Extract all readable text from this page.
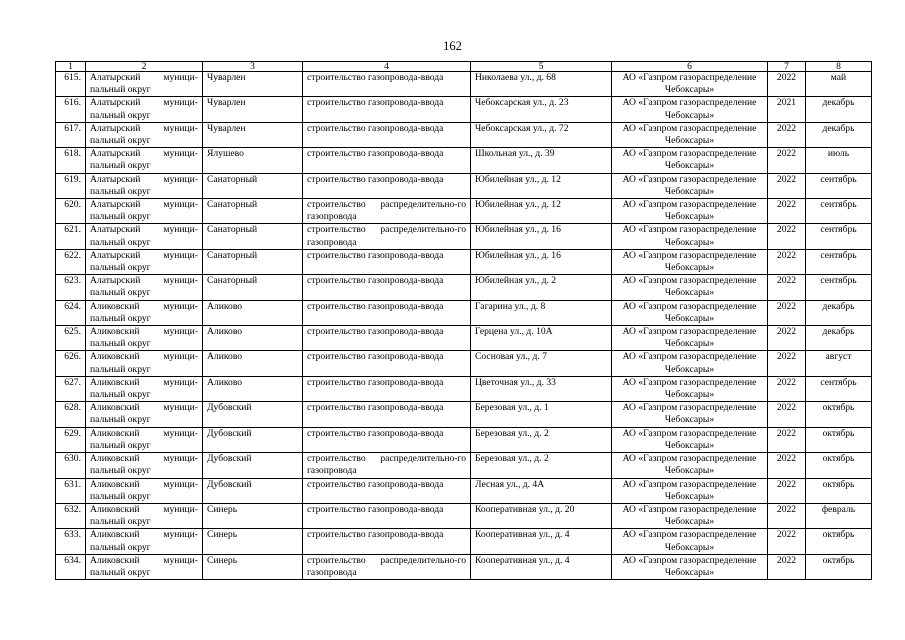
162
1	2	3	4	5	6	7	8
615.	Алатырский муници-пальный округ	Чуварлен	строительство газопровода-ввода	Николаева ул., д. 68	АО «Газпром газораспределение Чебоксары»	2022	май
616.	Алатырский муници-пальный округ	Чуварлен	строительство газопровода-ввода	Чебоксарская ул., д. 23	АО «Газпром газораспределение Чебоксары»	2021	декабрь
617.	Алатырский муници-пальный округ	Чуварлен	строительство газопровода-ввода	Чебоксарская ул., д. 72	АО «Газпром газораспределение Чебоксары»	2022	декабрь
618.	Алатырский муници-пальный округ	Ялушево	строительство газопровода-ввода	Школьная ул., д. 39	АО «Газпром газораспределение Чебоксары»	2022	июль
619.	Алатырский муници-пальный округ	Санаторный	строительство газопровода-ввода	Юбилейная ул., д. 12	АО «Газпром газораспределение Чебоксары»	2022	сентябрь
620.	Алатырский муници-пальный округ	Санаторный	строительство распределительно-го газопровода	Юбилейная ул., д. 12	АО «Газпром газораспределение Чебоксары»	2022	сентябрь
621.	Алатырский муници-пальный округ	Санаторный	строительство распределительно-го газопровода	Юбилейная ул., д. 16	АО «Газпром газораспределение Чебоксары»	2022	сентябрь
622.	Алатырский муници-пальный округ	Санаторный	строительство газопровода-ввода	Юбилейная ул., д. 16	АО «Газпром газораспределение Чебоксары»	2022	сентябрь
623.	Алатырский муници-пальный округ	Санаторный	строительство газопровода-ввода	Юбилейная ул., д. 2	АО «Газпром газораспределение Чебоксары»	2022	сентябрь
624.	Аликовский муници-пальный округ	Аликово	строительство газопровода-ввода	Гагарина ул., д. 8	АО «Газпром газораспределение Чебоксары»	2022	декабрь
625.	Аликовский муници-пальный округ	Аликово	строительство газопровода-ввода	Герцена ул., д. 10А	АО «Газпром газораспределение Чебоксары»	2022	декабрь
626.	Аликовский муници-пальный округ	Аликово	строительство газопровода-ввода	Сосновая ул., д. 7	АО «Газпром газораспределение Чебоксары»	2022	август
627.	Аликовский муници-пальный округ	Аликово	строительство газопровода-ввода	Цветочная ул., д. 33	АО «Газпром газораспределение Чебоксары»	2022	сентябрь
628.	Аликовский муници-пальный округ	Дубовский	строительство газопровода-ввода	Березовая ул., д. 1	АО «Газпром газораспределение Чебоксары»	2022	октябрь
629.	Аликовский муници-пальный округ	Дубовский	строительство газопровода-ввода	Березовая ул., д. 2	АО «Газпром газораспределение Чебоксары»	2022	октябрь
630.	Аликовский муници-пальный округ	Дубовский	строительство распределительно-го газопровода	Березовая ул., д. 2	АО «Газпром газораспределение Чебоксары»	2022	октябрь
631.	Аликовский муници-пальный округ	Дубовский	строительство газопровода-ввода	Лесная ул., д. 4А	АО «Газпром газораспределение Чебоксары»	2022	октябрь
632.	Аликовский муници-пальный округ	Синерь	строительство газопровода-ввода	Кооперативная ул., д. 20	АО «Газпром газораспределение Чебоксары»	2022	февраль
633.	Аликовский муници-пальный округ	Синерь	строительство газопровода-ввода	Кооперативная ул., д. 4	АО «Газпром газораспределение Чебоксары»	2022	октябрь
634.	Аликовский муници-пальный округ	Синерь	строительство распределительно-го газопровода	Кооперативная ул., д. 4	АО «Газпром газораспределение Чебоксары»	2022	октябрь
